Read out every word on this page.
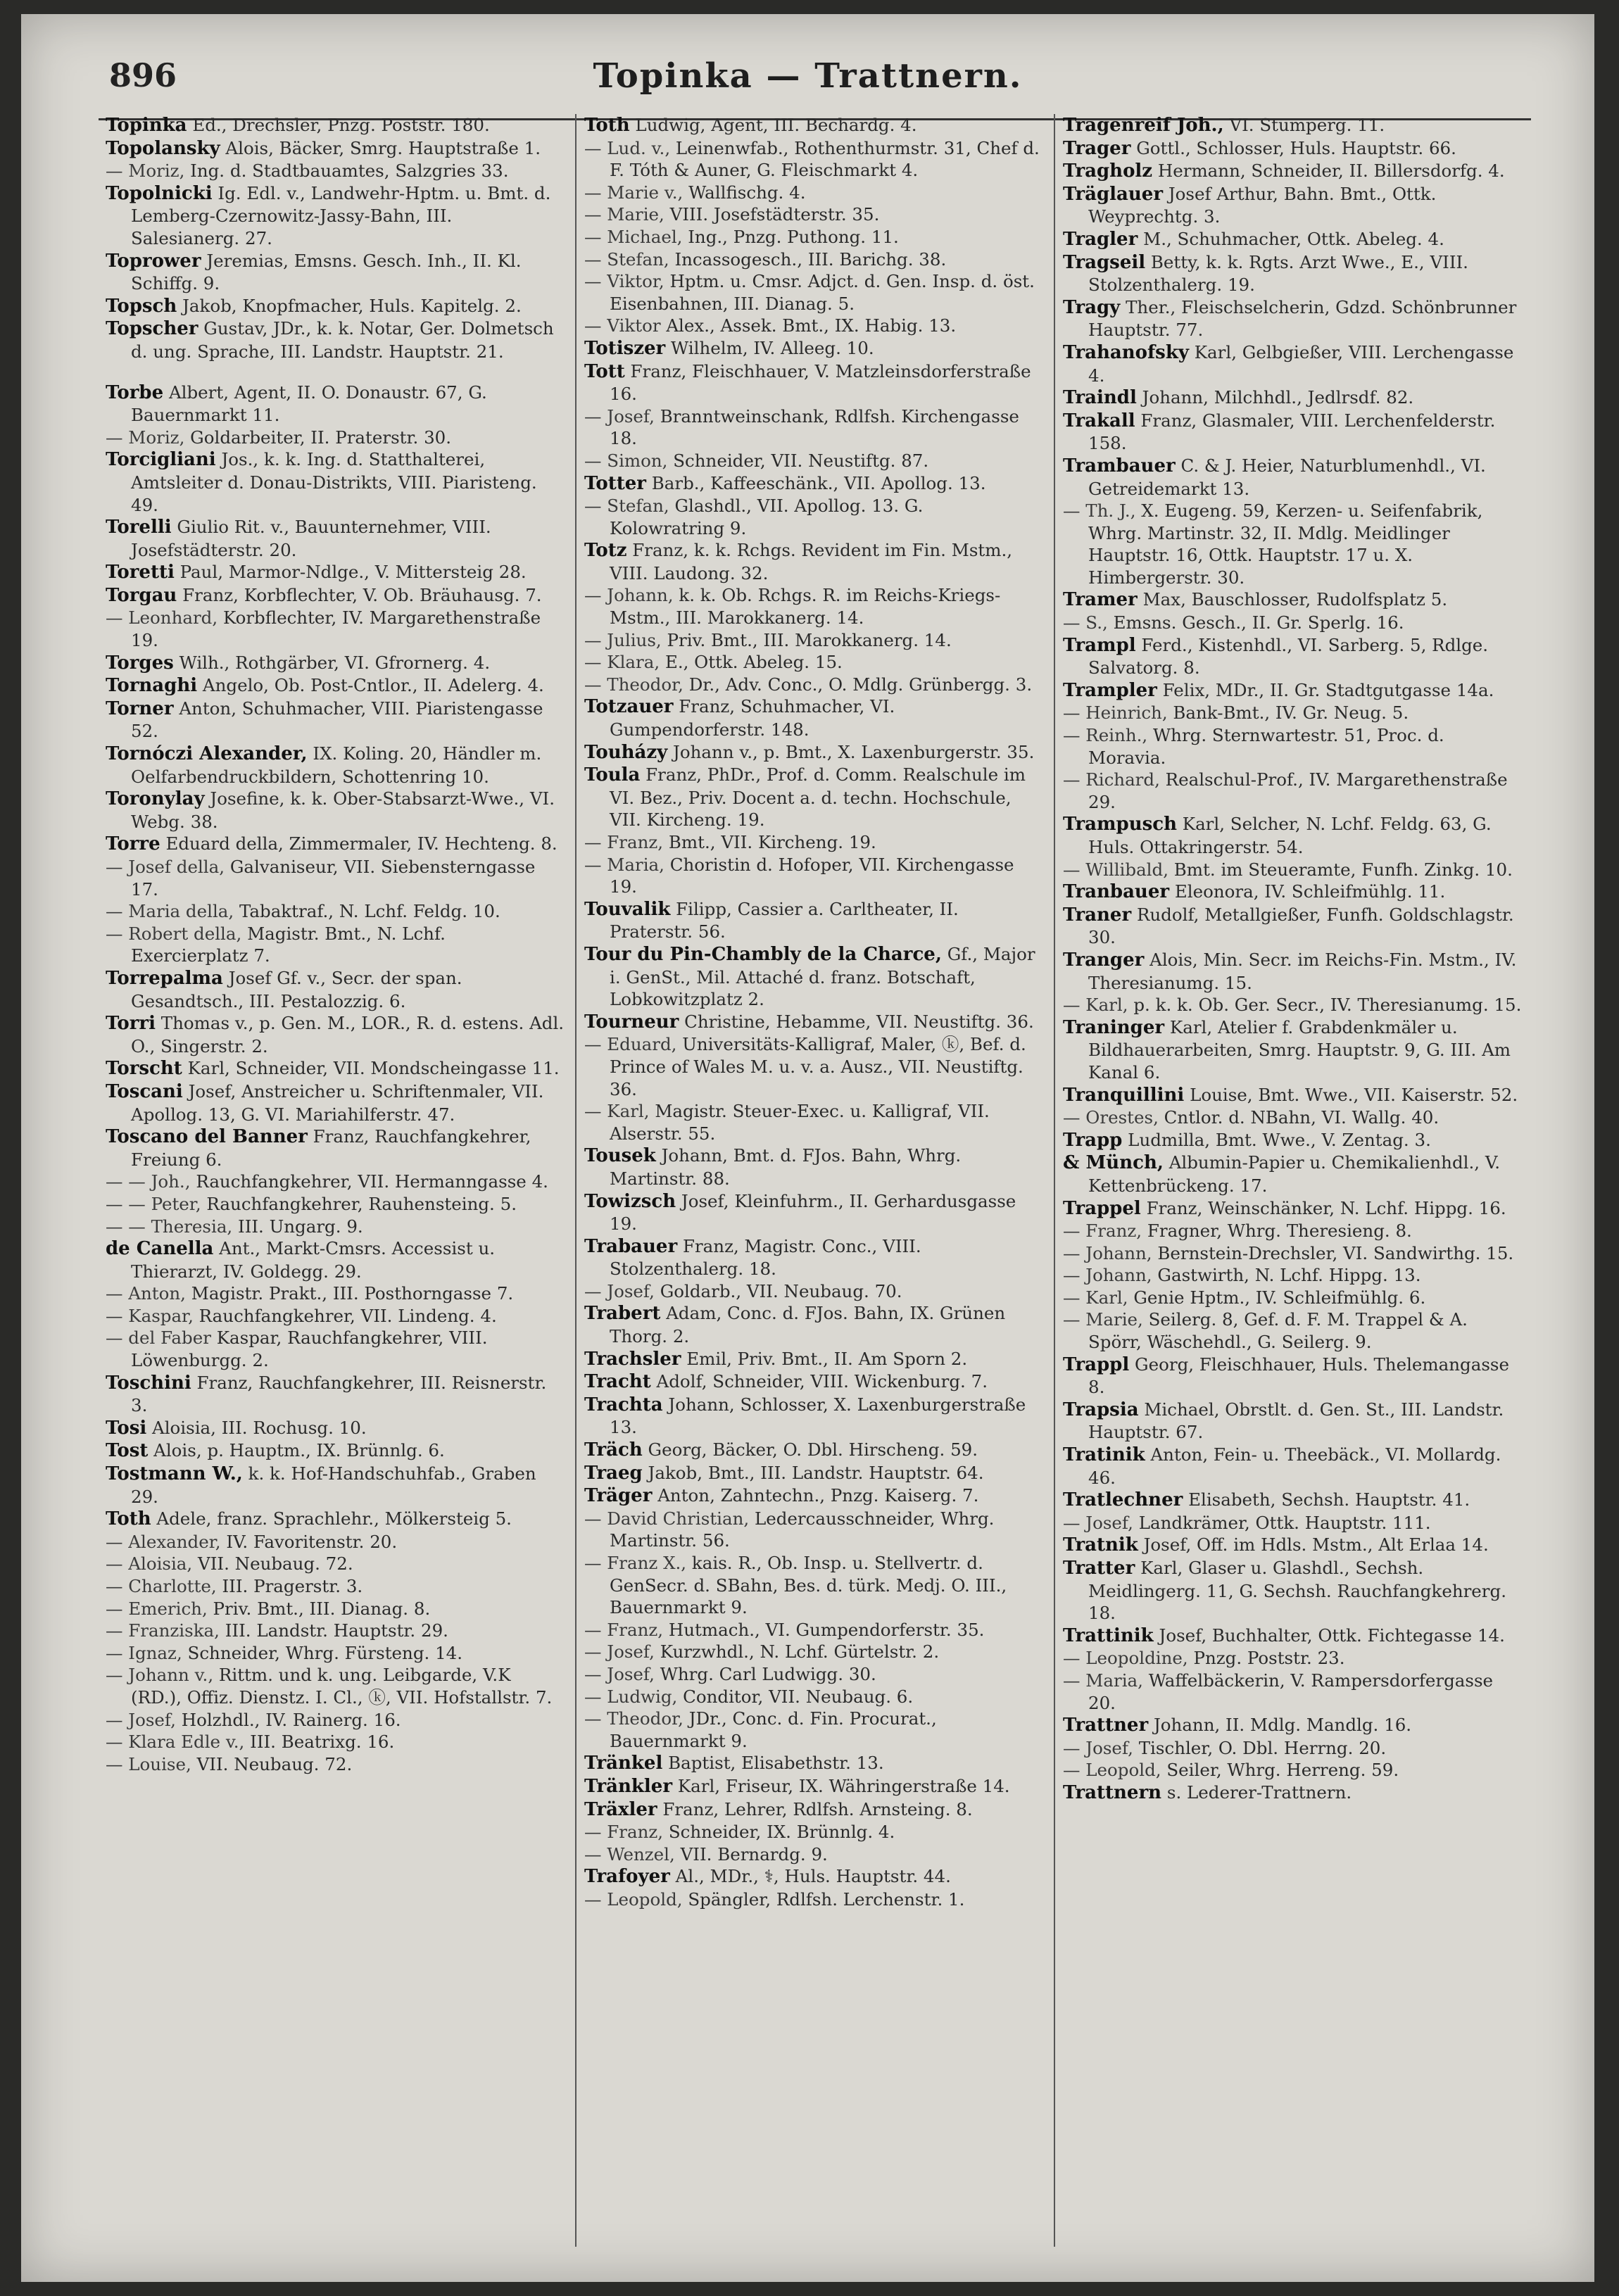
896	Topinka — Trattnern.

Topinka Ed., Drechsler, Pnzg. Poststr. 180.

Topolansky Alois, Bäcker, Smrg. Hauptstraße 1.

— Moriz, Ing. d. Stadtbauamtes, Salzgries 33.

Topolnicki Ig. Edl. v., Landwehr-Hptm. u. Bmt. d. Lemberg-Czernowitz-Jassy-Bahn, III. Salesianerg. 27.

Toprower Jeremias, Emsns. Gesch. Inh., II. Kl. Schiffg. 9.

Topsch Jakob, Knopfmacher, Huls. Kapitelg. 2.

Topscher Gustav, JDr., k. k. Notar, Ger. Dolmetsch d. ung. Sprache, III. Landstr. Hauptstr. 21.

Torbe Albert, Agent, II. O. Donaustr. 67, G. Bauernmarkt 11.

— Moriz, Goldarbeiter, II. Praterstr. 30.

Torcigliani Jos., k. k. Ing. d. Statthalterei, Amtsleiter d. Donau-Distrikts, VIII. Piaristeng. 49.

Torelli Giulio Rit. v., Bauunternehmer, VIII. Josefstädterstr. 20.

Toretti Paul, Marmor-Ndlge., V. Mittersteig 28.

Torgau Franz, Korbflechter, V. Ob. Bräuhausg. 7.

— Leonhard, Korbflechter, IV. Margarethenstraße 19.

Torges Wilh., Rothgärber, VI. Gfrornerg. 4.

Tornaghi Angelo, Ob. Post-Cntlor., II. Adelerg. 4.

Torner Anton, Schuhmacher, VIII. Piaristengasse 52.

Tornóczi Alexander, IX. Koling. 20, Händler m. Oelfarbendruckbildern, Schottenring 10.

Toronylay Josefine, k. k. Ober-Stabsarzt-Wwe., VI. Webg. 38.

Torre Eduard della, Zimmermaler, IV. Hechteng. 8.

— Josef della, Galvaniseur, VII. Siebensterngasse 17.

— Maria della, Tabaktraf., N. Lchf. Feldg. 10.

— Robert della, Magistr. Bmt., N. Lchf. Exercierplatz 7.

Torrepalma Josef Gf. v., Secr. der span. Gesandtsch., III. Pestalozzig. 6.

Torri Thomas v., p. Gen. M., LOR., R. d. estens. Adl. O., Singerstr. 2.

Torscht Karl, Schneider, VII. Mondscheingasse 11.

Toscani Josef, Anstreicher u. Schriftenmaler, VII. Apollog. 13, G. VI. Mariahilferstr. 47.

Toscano del Banner Franz, Rauchfangkehrer, Freiung 6.

— — Joh., Rauchfangkehrer, VII. Hermanngasse 4.

— — Peter, Rauchfangkehrer, Rauhensteing. 5.

— — Theresia, III. Ungarg. 9.

de Canella Ant., Markt-Cmsrs. Accessist u. Thierarzt, IV. Goldegg. 29.

— Anton, Magistr. Prakt., III. Posthorngasse 7.

— Kaspar, Rauchfangkehrer, VII. Lindeng. 4.

— del Faber Kaspar, Rauchfangkehrer, VIII. Löwenburgg. 2.

Toschini Franz, Rauchfangkehrer, III. Reisnerstr. 3.

Tosi Aloisia, III. Rochusg. 10.

Tost Alois, p. Hauptm., IX. Brünnlg. 6.

Tostmann W., k. k. Hof-Handschuhfab., Graben 29.

Toth Adele, franz. Sprachlehr., Mölkersteig 5.

— Alexander, IV. Favoritenstr. 20.

— Aloisia, VII. Neubaug. 72.

— Charlotte, III. Pragerstr. 3.

— Emerich, Priv. Bmt., III. Dianag. 8.

— Franziska, III. Landstr. Hauptstr. 29.

— Ignaz, Schneider, Whrg. Fürsteng. 14.

— Johann v., Rittm. und k. ung. Leibgarde, V.K (RD.), Offiz. Dienstz. I. Cl., ⓚ, VII. Hofstallstr. 7.

— Josef, Holzhdl., IV. Rainerg. 16.

— Klara Edle v., III. Beatrixg. 16.

— Louise, VII. Neubaug. 72.

Toth Ludwig, Agent, III. Bechardg. 4.

— Lud. v., Leinenwfab., Rothenthurmstr. 31, Chef d. F. Tóth & Auner, G. Fleischmarkt 4.

— Marie v., Wallfischg. 4.

— Marie, VIII. Josefstädterstr. 35.

— Michael, Ing., Pnzg. Puthong. 11.

— Stefan, Incassogesch., III. Barichg. 38.

— Viktor, Hptm. u. Cmsr. Adjct. d. Gen. Insp. d. öst. Eisenbahnen, III. Dianag. 5.

— Viktor Alex., Assek. Bmt., IX. Habig. 13.

Totiszer Wilhelm, IV. Alleeg. 10.

Tott Franz, Fleischhauer, V. Matzleinsdorferstraße 16.

— Josef, Branntweinschank, Rdlfsh. Kirchengasse 18.

— Simon, Schneider, VII. Neustiftg. 87.

Totter Barb., Kaffeeschänk., VII. Apollog. 13.

— Stefan, Glashdl., VII. Apollog. 13. G. Kolowratring 9.

Totz Franz, k. k. Rchgs. Revident im Fin. Mstm., VIII. Laudong. 32.

— Johann, k. k. Ob. Rchgs. R. im Reichs-Kriegs-Mstm., III. Marokkanerg. 14.

— Julius, Priv. Bmt., III. Marokkanerg. 14.

— Klara, E., Ottk. Abeleg. 15.

— Theodor, Dr., Adv. Conc., O. Mdlg. Grünbergg. 3.

Totzauer Franz, Schuhmacher, VI. Gumpendorferstr. 148.

Touházy Johann v., p. Bmt., X. Laxenburgerstr. 35.

Toula Franz, PhDr., Prof. d. Comm. Realschule im VI. Bez., Priv. Docent a. d. techn. Hochschule, VII. Kircheng. 19.

— Franz, Bmt., VII. Kircheng. 19.

— Maria, Choristin d. Hofoper, VII. Kirchengasse 19.

Touvalik Filipp, Cassier a. Carltheater, II. Praterstr. 56.

Tour du Pin-Chambly de la Charce, Gf., Major i. GenSt., Mil. Attaché d. franz. Botschaft, Lobkowitzplatz 2.

Tourneur Christine, Hebamme, VII. Neustiftg. 36.

— Eduard, Universitäts-Kalligraf, Maler, ⓚ, Bef. d. Prince of Wales M. u. v. a. Ausz., VII. Neustiftg. 36.

— Karl, Magistr. Steuer-Exec. u. Kalligraf, VII. Alserstr. 55.

Tousek Johann, Bmt. d. FJos. Bahn, Whrg. Martinstr. 88.

Towizsch Josef, Kleinfuhrm., II. Gerhardusgasse 19.

Trabauer Franz, Magistr. Conc., VIII. Stolzenthalerg. 18.

— Josef, Goldarb., VII. Neubaug. 70.

Trabert Adam, Conc. d. FJos. Bahn, IX. Grünen Thorg. 2.

Trachsler Emil, Priv. Bmt., II. Am Sporn 2.

Tracht Adolf, Schneider, VIII. Wickenburg. 7.

Trachta Johann, Schlosser, X. Laxenburgerstraße 13.

Träch Georg, Bäcker, O. Dbl. Hirscheng. 59.

Traeg Jakob, Bmt., III. Landstr. Hauptstr. 64.

Träger Anton, Zahntechn., Pnzg. Kaiserg. 7.

— David Christian, Ledercausschneider, Whrg. Martinstr. 56.

— Franz X., kais. R., Ob. Insp. u. Stellvertr. d. GenSecr. d. SBahn, Bes. d. türk. Medj. O. III., Bauernmarkt 9.

— Franz, Hutmach., VI. Gumpendorferstr. 35.

— Josef, Kurzwhdl., N. Lchf. Gürtelstr. 2.

— Josef, Whrg. Carl Ludwigg. 30.

— Ludwig, Conditor, VII. Neubaug. 6.

— Theodor, JDr., Conc. d. Fin. Procurat., Bauernmarkt 9.

Tränkel Baptist, Elisabethstr. 13.

Tränkler Karl, Friseur, IX. Währingerstraße 14.

Träxler Franz, Lehrer, Rdlfsh. Arnsteing. 8.

— Franz, Schneider, IX. Brünnlg. 4.

— Wenzel, VII. Bernardg. 9.

Trafoyer Al., MDr., ⚕, Huls. Hauptstr. 44.

— Leopold, Spängler, Rdlfsh. Lerchenstr. 1.

Tragenreif Joh., VI. Stumperg. 11.

Trager Gottl., Schlosser, Huls. Hauptstr. 66.

Tragholz Hermann, Schneider, II. Billersdorfg. 4.

Träglauer Josef Arthur, Bahn. Bmt., Ottk. Weyprechtg. 3.

Tragler M., Schuhmacher, Ottk. Abeleg. 4.

Tragseil Betty, k. k. Rgts. Arzt Wwe., E., VIII. Stolzenthalerg. 19.

Tragy Ther., Fleischselcherin, Gdzd. Schönbrunner Hauptstr. 77.

Trahanofsky Karl, Gelbgießer, VIII. Lerchengasse 4.

Traindl Johann, Milchhdl., Jedlrsdf. 82.

Trakall Franz, Glasmaler, VIII. Lerchenfelderstr. 158.

Trambauer C. & J. Heier, Naturblumenhdl., VI. Getreidemarkt 13.

— Th. J., X. Eugeng. 59, Kerzen- u. Seifenfabrik, Whrg. Martinstr. 32, II. Mdlg. Meidlinger Hauptstr. 16, Ottk. Hauptstr. 17 u. X. Himbergerstr. 30.

Tramer Max, Bauschlosser, Rudolfsplatz 5.

— S., Emsns. Gesch., II. Gr. Sperlg. 16.

Trampl Ferd., Kistenhdl., VI. Sarberg. 5, Rdlge. Salvatorg. 8.

Trampler Felix, MDr., II. Gr. Stadtgutgasse 14a.

— Heinrich, Bank-Bmt., IV. Gr. Neug. 5.

— Reinh., Whrg. Sternwartestr. 51, Proc. d. Moravia.

— Richard, Realschul-Prof., IV. Margarethenstraße 29.

Trampusch Karl, Selcher, N. Lchf. Feldg. 63, G. Huls. Ottakringerstr. 54.

— Willibald, Bmt. im Steueramte, Funfh. Zinkg. 10.

Tranbauer Eleonora, IV. Schleifmühlg. 11.

Traner Rudolf, Metallgießer, Funfh. Goldschlagstr. 30.

Tranger Alois, Min. Secr. im Reichs-Fin. Mstm., IV. Theresianumg. 15.

— Karl, p. k. k. Ob. Ger. Secr., IV. Theresianumg. 15.

Traninger Karl, Atelier f. Grabdenkmäler u. Bildhauerarbeiten, Smrg. Hauptstr. 9, G. III. Am Kanal 6.

Tranquillini Louise, Bmt. Wwe., VII. Kaiserstr. 52.

— Orestes, Cntlor. d. NBahn, VI. Wallg. 40.

Trapp Ludmilla, Bmt. Wwe., V. Zentag. 3.

& Münch, Albumin-Papier u. Chemikalienhdl., V. Kettenbrückeng. 17.

Trappel Franz, Weinschänker, N. Lchf. Hippg. 16.

— Franz, Fragner, Whrg. Theresieng. 8.

— Johann, Bernstein-Drechsler, VI. Sandwirthg. 15.

— Johann, Gastwirth, N. Lchf. Hippg. 13.

— Karl, Genie Hptm., IV. Schleifmühlg. 6.

— Marie, Seilerg. 8, Gef. d. F. M. Trappel & A. Spörr, Wäschehdl., G. Seilerg. 9.

Trappl Georg, Fleischhauer, Huls. Thelemangasse 8.

Trapsia Michael, Obrstlt. d. Gen. St., III. Landstr. Hauptstr. 67.

Tratinik Anton, Fein- u. Theebäck., VI. Mollardg. 46.

Tratlechner Elisabeth, Sechsh. Hauptstr. 41.

— Josef, Landkrämer, Ottk. Hauptstr. 111.

Tratnik Josef, Off. im Hdls. Mstm., Alt Erlaa 14.

Tratter Karl, Glaser u. Glashdl., Sechsh. Meidlingerg. 11, G. Sechsh. Rauchfangkehrerg. 18.

Trattinik Josef, Buchhalter, Ottk. Fichtegasse 14.

— Leopoldine, Pnzg. Poststr. 23.

— Maria, Waffelbäckerin, V. Rampersdorfergasse 20.

Trattner Johann, II. Mdlg. Mandlg. 16.

— Josef, Tischler, O. Dbl. Herrng. 20.

— Leopold, Seiler, Whrg. Herreng. 59.

Trattnern s. Lederer-Trattnern.
